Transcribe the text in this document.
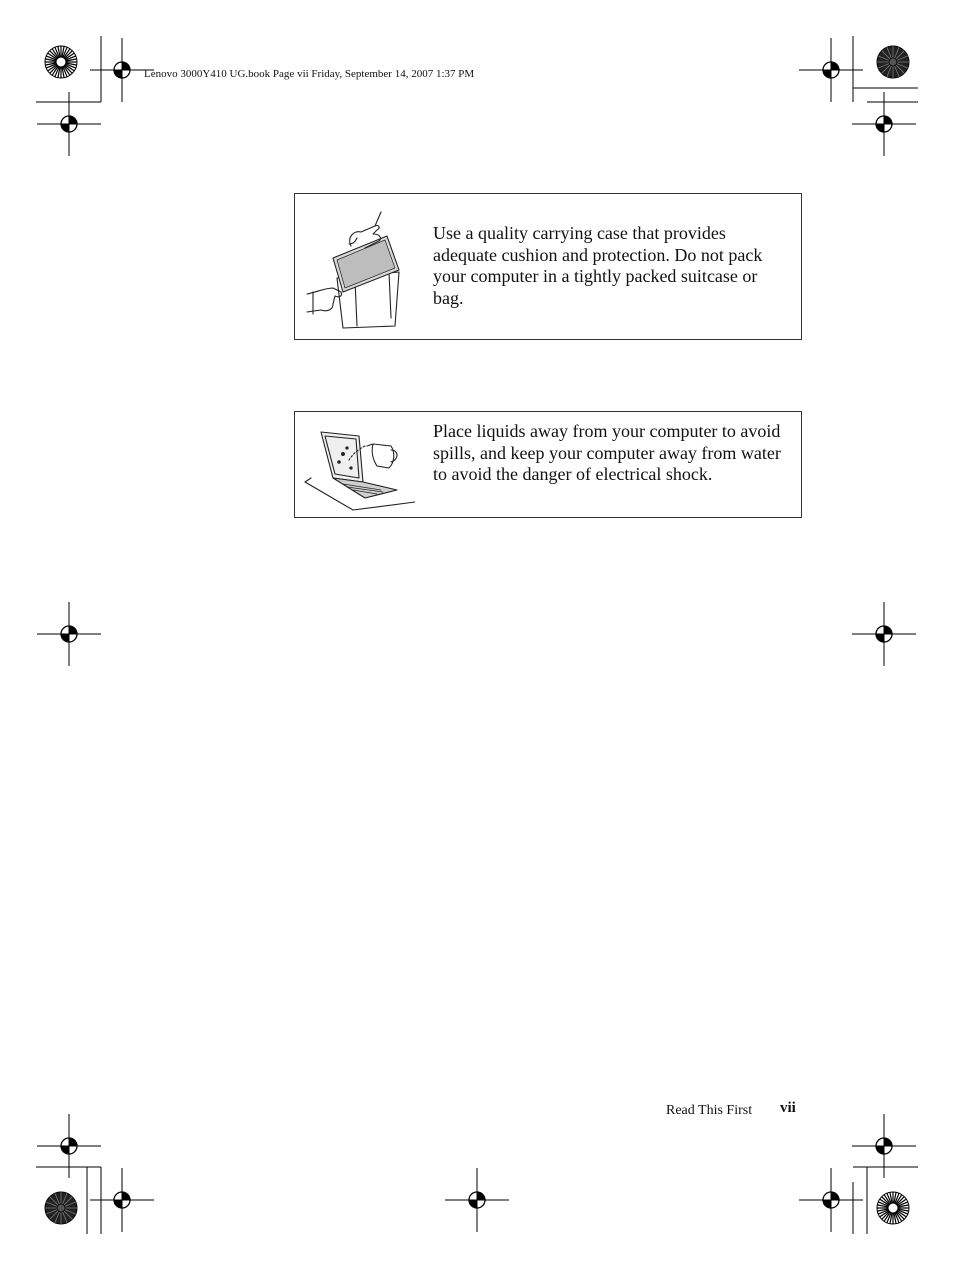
Lenovo 3000Y410 UG.book Page vii Friday, September 14, 2007 1:37 PM
Use a quality carrying case that provides adequate cushion and protection. Do not pack your computer in a tightly packed suitcase or bag.
Place liquids away from your computer to avoid spills, and keep your computer away from water to avoid the danger of electrical shock.
Read This First vii
